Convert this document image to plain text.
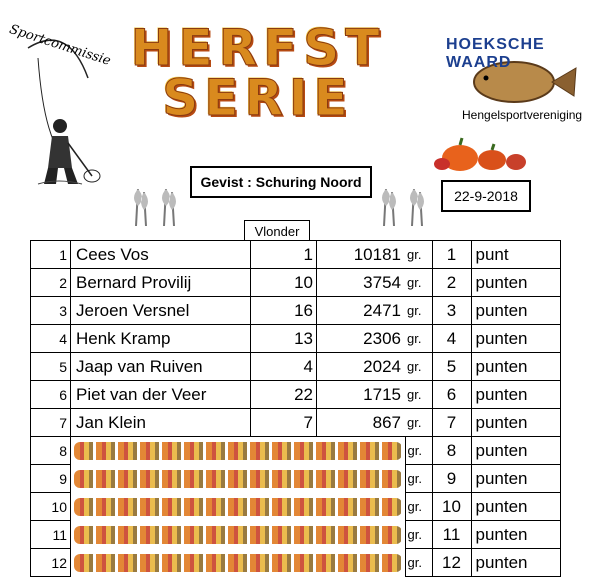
Sportcommissie HERFST
SERIE
HOEKSCHE WAARD
Hengelsportvereniging
Gevist : Schuring Noord
22-9-2018
Vlonder
1	Cees Vos	1	10181	gr.	1	punt
2	Bernard Provilij	10	3754	gr.	2	punten
3	Jeroen Versnel	16	2471	gr.	3	punten
4	Henk Kramp	13	2306	gr.	4	punten
5	Jaap van Ruiven	4	2024	gr.	5	punten
6	Piet van der Veer	22	1715	gr.	6	punten
7	Jan Klein	7	867	gr.	7	punten
8				gr.	8	punten
9				gr.	9	punten
10				gr.	10	punten
11				gr.	11	punten
12				gr.	12	punten
